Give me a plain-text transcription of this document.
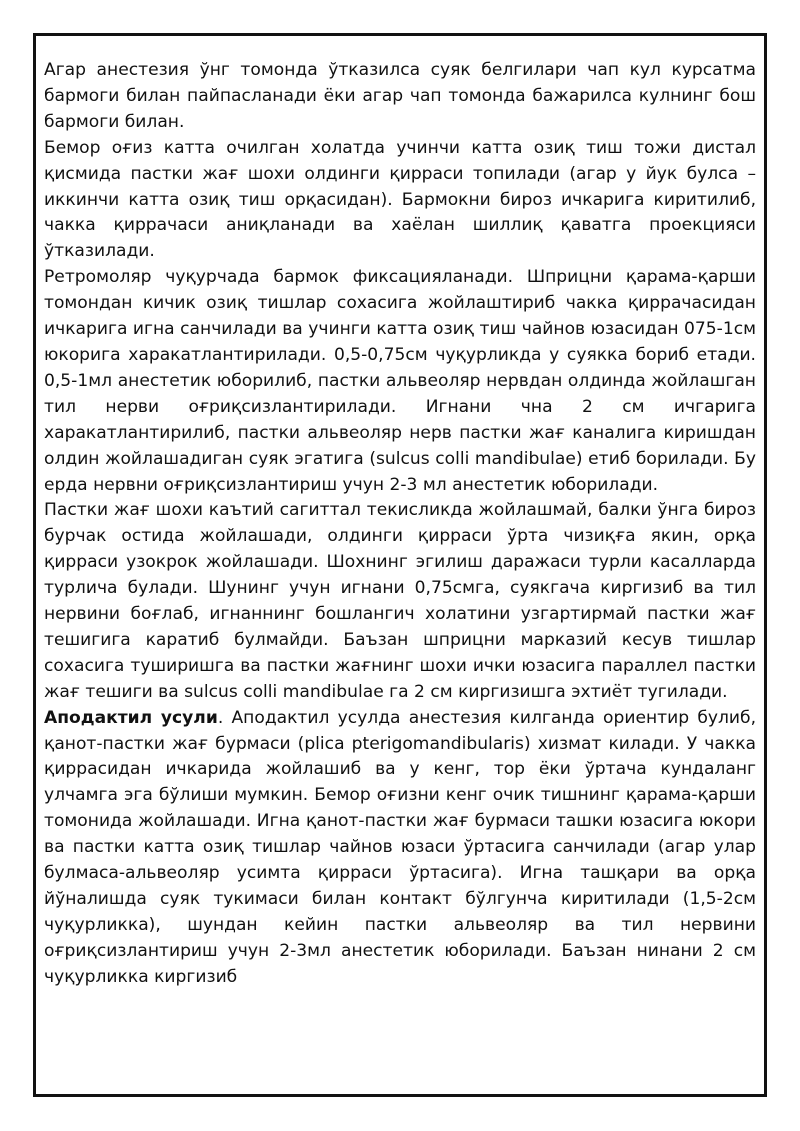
Агар анестезия ўнг томонда ўтказилса суяк белгилари чап кул курсатма бармоги билан пайпасланади ёки агар чап томонда бажарилса кулнинг бош бармоги билан.

Бемор оғиз катта очилган холатда учинчи катта озиқ тиш тожи дистал қисмида пастки жағ шохи олдинги қирраси топилади (агар у йук булса – иккинчи катта озиқ тиш орқасидан). Бармокни бироз ичкарига киритилиб, чакка қиррачаси аниқланади ва хаёлан шиллиқ қаватга проекцияси ўтказилади.

Ретромоляр чуқурчада бармок фиксацияланади. Шприцни қарама-қарши томондан кичик озиқ тишлар сохасига жойлаштириб чакка қиррачасидан ичкарига игна санчилади ва учинги катта озиқ тиш чайнов юзасидан 075-1см юкорига харакатлантирилади. 0,5-0,75см чуқурликда у суякка бориб етади. 0,5-1мл анестетик юборилиб, пастки альвеоляр нервдан олдинда жойлашган тил нерви оғриқсизлантирилади. Игнани чна 2 см ичгарига харакатлантирилиб, пастки альвеоляр нерв пастки жағ каналига киришдан олдин жойлашадиган суяк эгатига (sulcus colli mandibulae) етиб борилади. Бу ерда нервни оғриқсизлантириш учун 2-3 мл анестетик юборилади.

Пастки жағ шохи каътий сагиттал текисликда жойлашмай, балки ўнга бироз бурчак остида жойлашади, олдинги қирраси ўрта чизиқға якин, орқа қирраси узокрок жойлашади. Шохнинг эгилиш даражаси турли касалларда турлича булади. Шунинг учун игнани 0,75смга, суякгача киргизиб ва тил нервини боғлаб, игнаннинг бошлангич холатини узгартирмай пастки жағ тешигига каратиб булмайди. Баъзан шприцни марказий кесув тишлар сохасига туширишга ва пастки жағнинг шохи ички юзасига параллел пастки жағ тешиги ва sulcus colli mandibulae га 2 см киргизишга эхтиёт тугилади.

Аподактил усули. Аподактил усулда анестезия килганда ориентир булиб, қанот-пастки жағ бурмаси (plica pterigomandibularis) хизмат килади. У чакка қиррасидан ичкарида жойлашиб ва у кенг, тор ёки ўртача кундаланг улчамга эга бўлиши мумкин. Бемор оғизни кенг очик тишнинг қарама-қарши томонида жойлашади. Игна қанот-пастки жағ бурмаси ташки юзасига юкори ва пастки катта озиқ тишлар чайнов юзаси ўртасига санчилади (агар улар булмаса-альвеоляр усимта қирраси ўртасига). Игна ташқари ва орқа йўналишда суяк тукимаси билан контакт бўлгунча киритилади (1,5-2см чуқурликка), шундан кейин пастки альвеоляр ва тил нервини оғриқсизлантириш учун 2-3мл анестетик юборилади. Баъзан нинани 2 см чуқурликка киргизиб
